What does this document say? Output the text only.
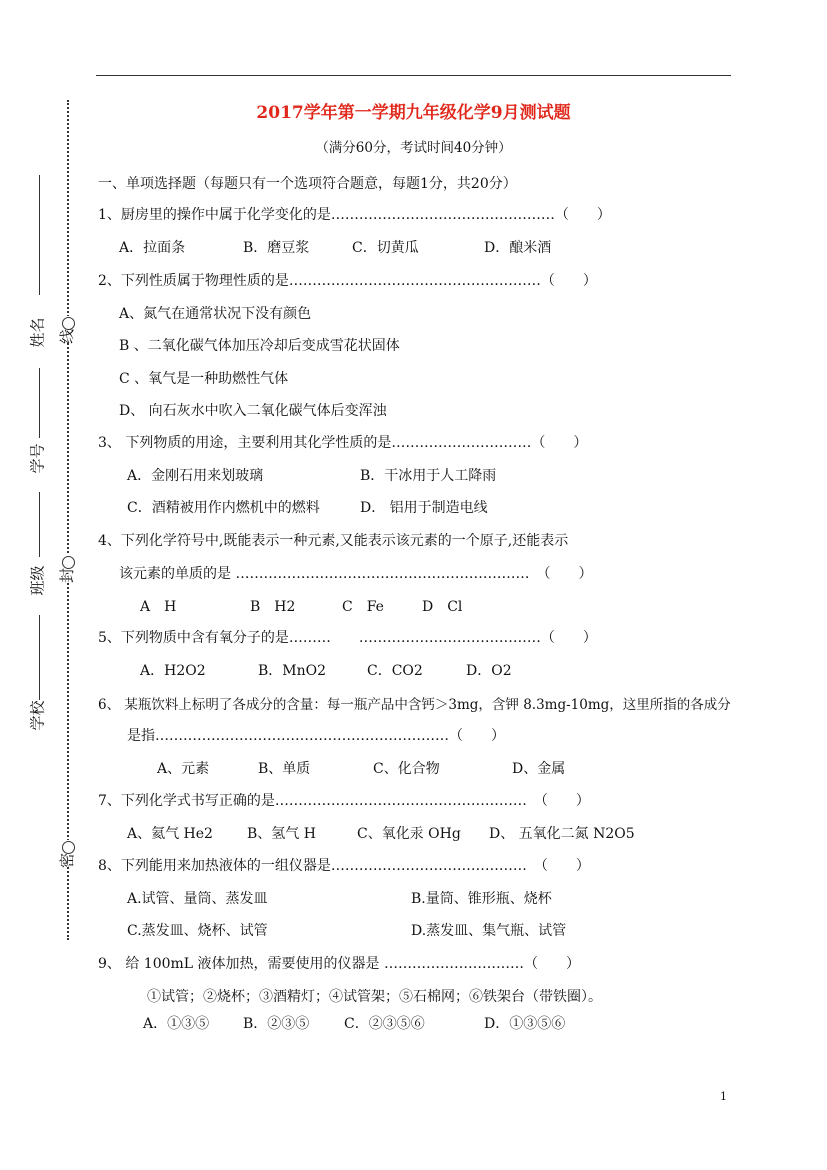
2017学年第一学期九年级化学9月测试题
（满分60分，考试时间40分钟）

线

封

密
姓名
学号
班级
学校
一、单项选择题（每题只有一个选项符合题意，每题1分，共20分）
1、厨房里的操作中属于化学变化的是…………………………………………（　　）
A．拉面条	B．磨豆浆	C．切黄瓜	D．酿米酒
2、下列性质属于物理性质的是………………………………………………（　　）
A、氮气在通常状况下没有颜色
B 、二氧化碳气体加压冷却后变成雪花状固体
C 、氧气是一种助燃性气体
D、 向石灰水中吹入二氧化碳气体后变浑浊
3、 下列物质的用途，主要利用其化学性质的是…………………………（　　）
A．金刚石用来划玻璃	B．干冰用于人工降雨
C．酒精被用作内燃机中的燃料	D． 铝用于制造电线
4、下列化学符号中,既能表示一种元素,又能表示该元素的一个原子,还能表示
该元素的单质的是 ………………………………………………………　（　　）
A　H	B　H2	C　Fe	D　Cl
5、下列物质中含有氧分子的是………　　…………………………………（　　）
A．H2O2	B．MnO2	C．CO2	D．O2
6、 某瓶饮料上标明了各成分的含量：每一瓶产品中含钙＞3mg，含钾 8.3mg-10mg，这里所指的各成分
是指………………………………………………………（　　）
A、元素	B、单质	C、化合物	D、金属
7、下列化学式书写正确的是………………………………………………　（　　）
A、氦气 He2 B、氢气 H	C、氧化汞 OHg D、 五氧化二氮 N2O5
8、下列能用来加热液体的一组仪器是……………………………………　（　　）
A.试管、量筒、蒸发皿	B.量筒、锥形瓶、烧杯
C.蒸发皿、烧杯、试管	D.蒸发皿、集气瓶、试管
9、 给 100mL 液体加热，需要使用的仪器是 …………………………（　　）
①试管；②烧杯；③酒精灯；④试管架；⑤石棉网；⑥铁架台（带铁圈）。
A．①③⑤ B．②③⑤ C．②③⑤⑥	D．①③⑤⑥
1
